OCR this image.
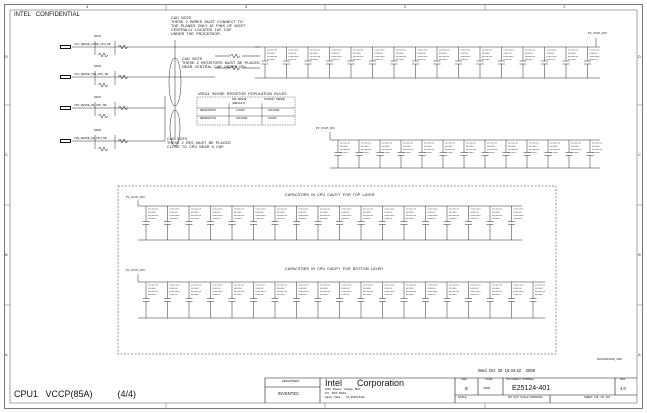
4	3	2	1
D
C
B
A
D
C
B
A
INTEL   CONFIDENTIAL
VCC_SENSE_CORE_CPU_SB
VCC_SENSE_VSS_CPU_SB
VSS_SENSE_VR_CPU_SB
VSS_SENSE_CR_CPU_SB
R1UP
R1DN
R2UP
R2DN
CAD  NOTE
THESE  2  WIRES  MUST  CONNECT  TO
THE  PLANES  ONLY  AT  PINS  OF  MOST
CENTRALLY  LOCATED  1UF  CAP
UNDER  THE  PROCESSOR
CAD  NOTE
THESE  2  RESISTORS  MUST  BE  PLACED
NEAR  CENTRAL  CAP  UNDER CPU
CAD  NOTE
THESE  2  RES  MUST  BE  PLACED
CLOSE  TO  CPU  NEAR  A  CAP
VRD11  SENSE  RESISTOR  POPULATION  RULES
DIE  SENSE	SOCKET  SENSE
(DEFAULT)
R6006,R6007	0-OHM	100-OHM
R6008,R7101	100-OHM	0-OHM
PV_VCCP_CPU
PV_VCCP_CPU
PV_VCCP_CPU
PV_VCCP_CPU
CAPACITORS  IN  CPU  CAVITY  FOR  TOP  LAYER
CAPACITORS  IN  CPU  CAVITY  FOR  BOTTOM  LAYER
ROOHN/FROD_VRD
Wed  Oct  29  16:34:42    2008
DEPARTMENT
INVENTEC
Intel      Corporation
2200   Mission   College   Blvd
P.O.   BOX  58119
Santa   Clara        CA  95052-8119
SIZE
B
CODE
34666
DOCUMENT  NUMBER
E25124-401
REV
4.0
SCALE	DO  NOT  SCALE  DRAWING	SHEET  148   OF  218
CPU1   VCCP(85A)          (4/4)
